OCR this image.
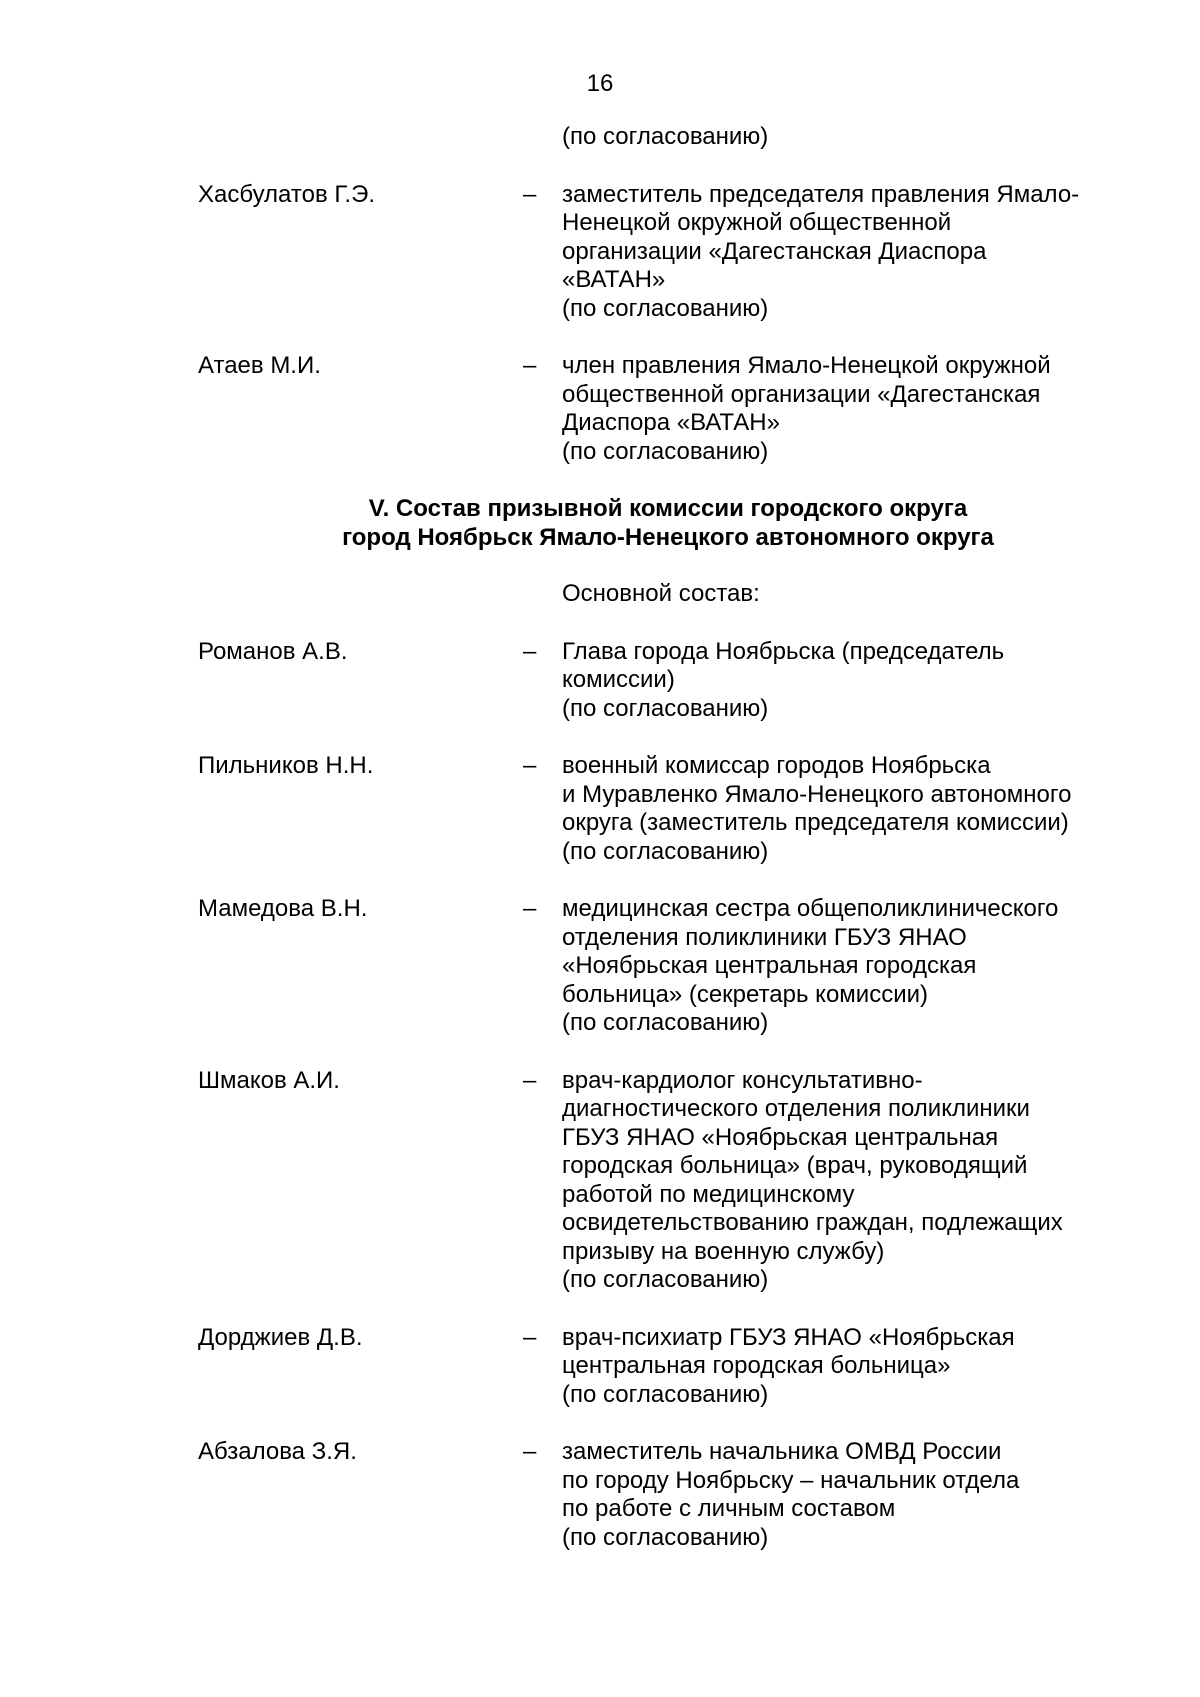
16
(по согласованию)
Хасбулатов Г.Э.	–	заместитель председателя правления Ямало-
Ненецкой окружной общественной
организации «Дагестанская Диаспора
«ВАТАН»
(по согласованию)
Атаев М.И.	–	член правления Ямало-Ненецкой окружной
общественной организации «Дагестанская
Диаспора «ВАТАН»
(по согласованию)
V. Состав призывной комиссии городского округа
город Ноябрьск Ямало-Ненецкого автономного округа
Основной состав:
Романов А.В.	–	Глава города Ноябрьска (председатель
комиссии)
(по согласованию)
Пильников Н.Н.	–	военный комиссар городов Ноябрьска
и Муравленко Ямало-Ненецкого автономного
округа (заместитель председателя комиссии)
(по согласованию)
Мамедова В.Н.	–	медицинская сестра общеполиклинического
отделения поликлиники ГБУЗ ЯНАО
«Ноябрьская центральная городская
больница» (секретарь комиссии)
(по согласованию)
Шмаков А.И.	–	врач-кардиолог консультативно-
диагностического отделения поликлиники
ГБУЗ ЯНАО «Ноябрьская центральная
городская больница» (врач, руководящий
работой по медицинскому
освидетельствованию граждан, подлежащих
призыву на военную службу)
(по согласованию)
Дорджиев Д.В.	–	врач-психиатр ГБУЗ ЯНАО «Ноябрьская
центральная городская больница»
(по согласованию)
Абзалова З.Я.	–	заместитель начальника ОМВД России
по городу Ноябрьску – начальник отдела
по работе с личным составом
(по согласованию)
